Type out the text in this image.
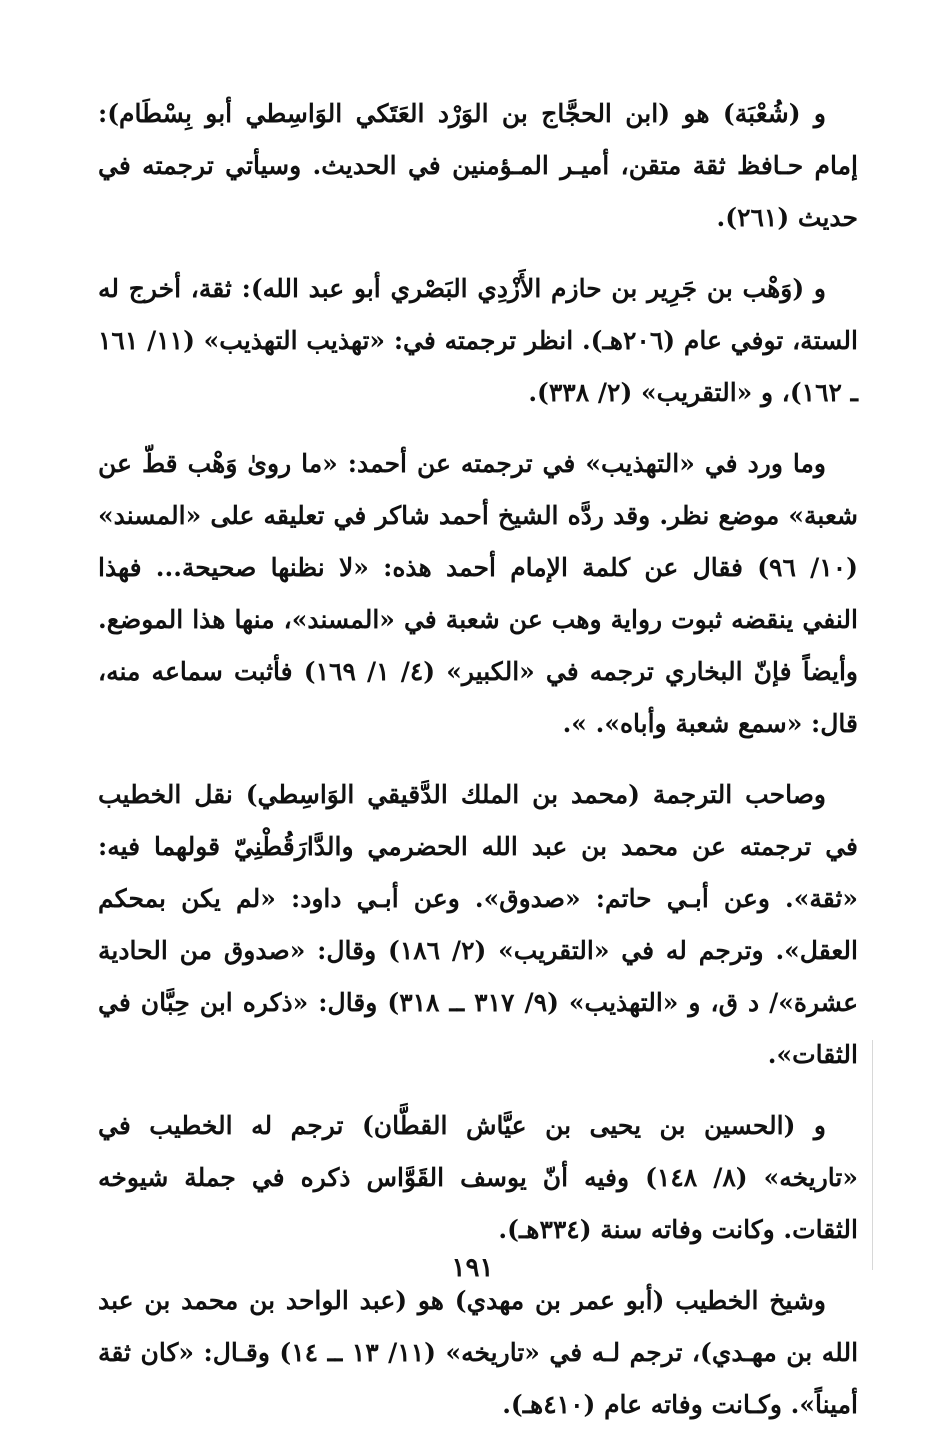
و (شُعْبَة) هو (ابن الحجَّاج بن الوَرْد العَتَكي الوَاسِطي أبو بِسْطَام): إمام حـافظ ثقة متقن، أميـر المـؤمنين في الحديث. وسيأتي ترجمته في حديث (٢٦١).

و (وَهْب بن جَرِير بن حازم الأَزْدِي البَصْري أبو عبد الله): ثقة، أخرج له الستة، توفي عام (٢٠٦هـ). انظر ترجمته في: «تهذيب التهذيب» (١١/ ١٦١ ـ ١٦٢)، و «التقريب» (٢/ ٣٣٨).

وما ورد في «التهذيب» في ترجمته عن أحمد: «ما روىٰ وَهْب قطّ عن شعبة» موضع نظر. وقد ردَّه الشيخ أحمد شاكر في تعليقه على «المسند» (١٠/ ٩٦) فقال عن كلمة الإمام أحمد هذه: «لا نظنها صحيحة... فهذا النفي ينقضه ثبوت رواية وهب عن شعبة في «المسند»، منها هذا الموضع. وأيضاً فإنّ البخاري ترجمه في «الكبير» (٤/ ١/ ١٦٩) فأثبت سماعه منه، قال: «سمع شعبة وأباه». ».

وصاحب الترجمة (محمد بن الملك الدَّقيقي الوَاسِطي) نقل الخطيب في ترجمته عن محمد بن عبد الله الحضرمي والدَّارَقُطْنِيّ قولهما فيه: «ثقة». وعن أبـي حاتم: «صدوق». وعن أبـي داود: «لم يكن بمحكم العقل». وترجم له في «التقريب» (٢/ ١٨٦) وقال: «صدوق من الحادية عشرة»/ د ق، و «التهذيب» (٩/ ٣١٧ ــ ٣١٨) وقال: «ذكره ابن حِبَّان في الثقات».

و (الحسين بن يحيى بن عيَّاش القطَّان) ترجم له الخطيب في «تاريخه» (٨/ ١٤٨) وفيه أنّ يوسف القَوَّاس ذكره في جملة شيوخه الثقات. وكانت وفاته سنة (٣٣٤هـ).

وشيخ الخطيب (أبو عمر بن مهدي) هو (عبد الواحد بن محمد بن عبد الله بن مهـدي)، ترجم لـه في «تاريخه» (١١/ ١٣ ــ ١٤) وقـال: «كان ثقة أميناً». وكـانت وفاته عام (٤١٠هـ).

١٩١
